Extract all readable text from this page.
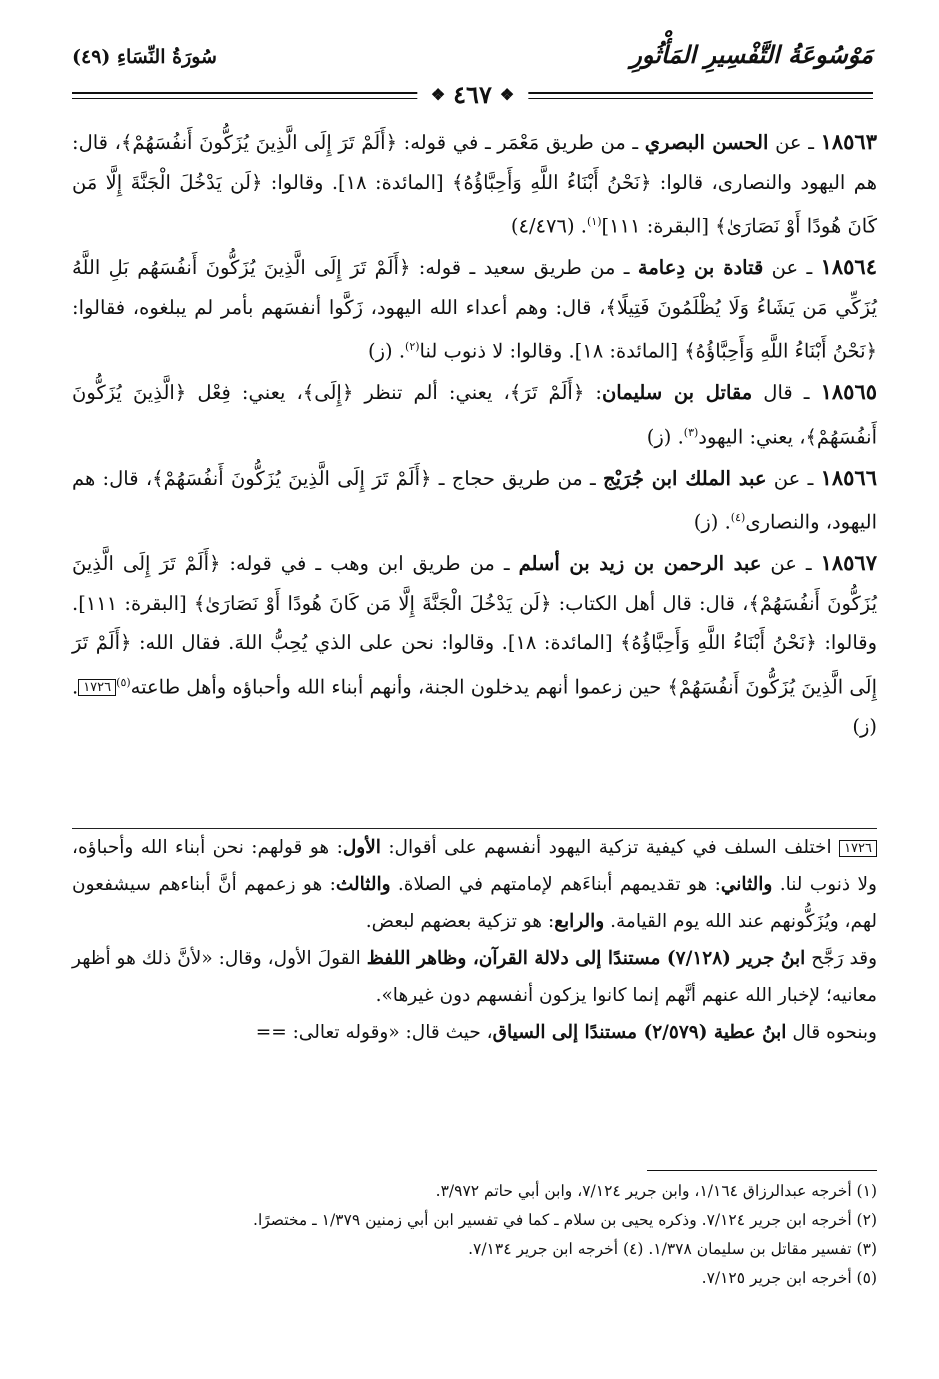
مَوْسُوعَةُ التَّفْسِيرِ المَأْثُورِ
سُورَةُ النِّسَاءِ (٤٩)
❖
٤٦٧
❖
١٨٥٦٣ ـ عن الحسن البصري ـ من طريق مَعْمَر ـ في قوله: ﴿أَلَمْ تَرَ إِلَى الَّذِينَ يُزَكُّونَ أَنفُسَهُمْ﴾، قال: هم اليهود والنصارى، قالوا: ﴿نَحْنُ أَبْنَاءُ اللَّهِ وَأَحِبَّاؤُهُ﴾ [المائدة: ١٨]. وقالوا: ﴿لَن يَدْخُلَ الْجَنَّةَ إِلَّا مَن كَانَ هُودًا أَوْ نَصَارَىٰ﴾ [البقرة: ١١١]$^{(١)}$. (٤/٤٧٦)
١٨٥٦٤ ـ عن قتادة بن دِعامة ـ من طريق سعيد ـ قوله: ﴿أَلَمْ تَرَ إِلَى الَّذِينَ يُزَكُّونَ أَنفُسَهُم بَلِ اللَّهُ يُزَكِّي مَن يَشَاءُ وَلَا يُظْلَمُونَ فَتِيلًا﴾، قال: وهم أعداء الله اليهود، زَكَّوا أنفسَهم بأمر لم يبلغوه، فقالوا: ﴿نَحْنُ أَبْنَاءُ اللَّهِ وَأَحِبَّاؤُهُ﴾ [المائدة: ١٨]. وقالوا: لا ذنوب لنا$^{(٢)}$. (ز)
١٨٥٦٥ ـ قال مقاتل بن سليمان: ﴿أَلَمْ تَرَ﴾، يعني: ألم تنظر ﴿إِلَى﴾، يعني: فِعْل ﴿الَّذِينَ يُزَكُّونَ أَنفُسَهُمْ﴾، يعني: اليهود$^{(٣)}$. (ز)
١٨٥٦٦ ـ عن عبد الملك ابن جُرَيْج ـ من طريق حجاج ـ ﴿أَلَمْ تَرَ إِلَى الَّذِينَ يُزَكُّونَ أَنفُسَهُمْ﴾، قال: هم اليهود، والنصارى$^{(٤)}$. (ز)
١٨٥٦٧ ـ عن عبد الرحمن بن زيد بن أسلم ـ من طريق ابن وهب ـ في قوله: ﴿أَلَمْ تَرَ إِلَى الَّذِينَ يُزَكُّونَ أَنفُسَهُمْ﴾، قال: قال أهل الكتاب: ﴿لَن يَدْخُلَ الْجَنَّةَ إِلَّا مَن كَانَ هُودًا أَوْ نَصَارَىٰ﴾ [البقرة: ١١١]. وقالوا: ﴿نَحْنُ أَبْنَاءُ اللَّهِ وَأَحِبَّاؤُهُ﴾ [المائدة: ١٨]. وقالوا: نحن على الذي يُحِبُّ اللهَ. فقال الله: ﴿أَلَمْ تَرَ إِلَى الَّذِينَ يُزَكُّونَ أَنفُسَهُمْ﴾ حين زعموا أنهم يدخلون الجنة، وأنهم أبناء الله وأحباؤه وأهل طاعته$^{(٥)}$١٧٢٦. (ز)

١٧٢٦ اختلف السلف في كيفية تزكية اليهود أنفسهم على أقوال: الأول: هو قولهم: نحن أبناء الله وأحباؤه، ولا ذنوب لنا. والثاني: هو تقديمهم أبناءَهم لإمامتهم في الصلاة. والثالث: هو زعمهم أنَّ أبناءهم سيشفعون لهم، ويُزَكُّونهم عند الله يوم القيامة. والرابع: هو تزكية بعضهم لبعض.

وقد رَجَّح ابنُ جرير (٧/١٢٨) مستندًا إلى دلالة القرآن، وظاهر اللفظ القولَ الأول، وقال: «لأنَّ ذلك هو أظهر معانيه؛ لإخبار الله عنهم أنَّهم إنما كانوا يزكون أنفسهم دون غيرها».

وبنحوه قال ابنُ عطية (٢/٥٧٩) مستندًا إلى السياق، حيث قال: «وقوله تعالى: ==

(١) أخرجه عبدالرزاق ١/١٦٤، وابن جرير ٧/١٢٤، وابن أبي حاتم ٣/٩٧٢.
(٢) أخرجه ابن جرير ٧/١٢٤. وذكره يحيى بن سلام ـ كما في تفسير ابن أبي زمنين ١/٣٧٩ ـ مختصرًا.
(٣) تفسير مقاتل بن سليمان ١/٣٧٨. (٤) أخرجه ابن جرير ٧/١٣٤.
(٥) أخرجه ابن جرير ٧/١٢٥.
